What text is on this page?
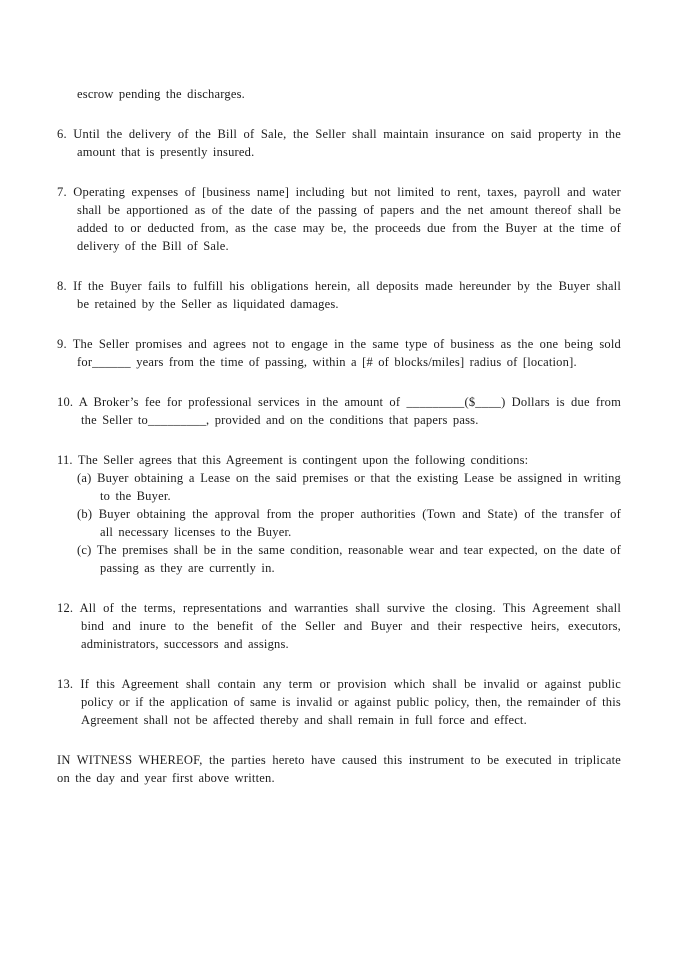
escrow pending the discharges.

6. Until the delivery of the Bill of Sale, the Seller shall maintain insurance on said property in the amount that is presently insured.
7. Operating expenses of [business name] including but not limited to rent, taxes, payroll and water shall be apportioned as of the date of the passing of papers and the net amount thereof shall be added to or deducted from, as the case may be, the proceeds due from the Buyer at the time of delivery of the Bill of Sale.
8. If the Buyer fails to fulfill his obligations herein, all deposits made hereunder by the Buyer shall be retained by the Seller as liquidated damages.
9. The Seller promises and agrees not to engage in the same type of business as the one being sold for______ years from the time of passing, within a [# of blocks/miles] radius of [location].
10. A Broker’s fee for professional services in the amount of _________($____) Dollars is due from the Seller to_________, provided and on the conditions that papers pass.
11. The Seller agrees that this Agreement is contingent upon the following conditions:
(a) Buyer obtaining a Lease on the said premises or that the existing Lease be assigned in writing to the Buyer.
(b) Buyer obtaining the approval from the proper authorities (Town and State) of the transfer of all necessary licenses to the Buyer.
(c) The premises shall be in the same condition, reasonable wear and tear expected, on the date of passing as they are currently in.
12. All of the terms, representations and warranties shall survive the closing. This Agreement shall bind and inure to the benefit of the Seller and Buyer and their respective heirs, executors, administrators, successors and assigns.
13. If this Agreement shall contain any term or provision which shall be invalid or against public policy or if the application of same is invalid or against public policy, then, the remainder of this Agreement shall not be affected thereby and shall remain in full force and effect.

IN WITNESS WHEREOF, the parties hereto have caused this instrument to be executed in triplicate on the day and year first above written.
